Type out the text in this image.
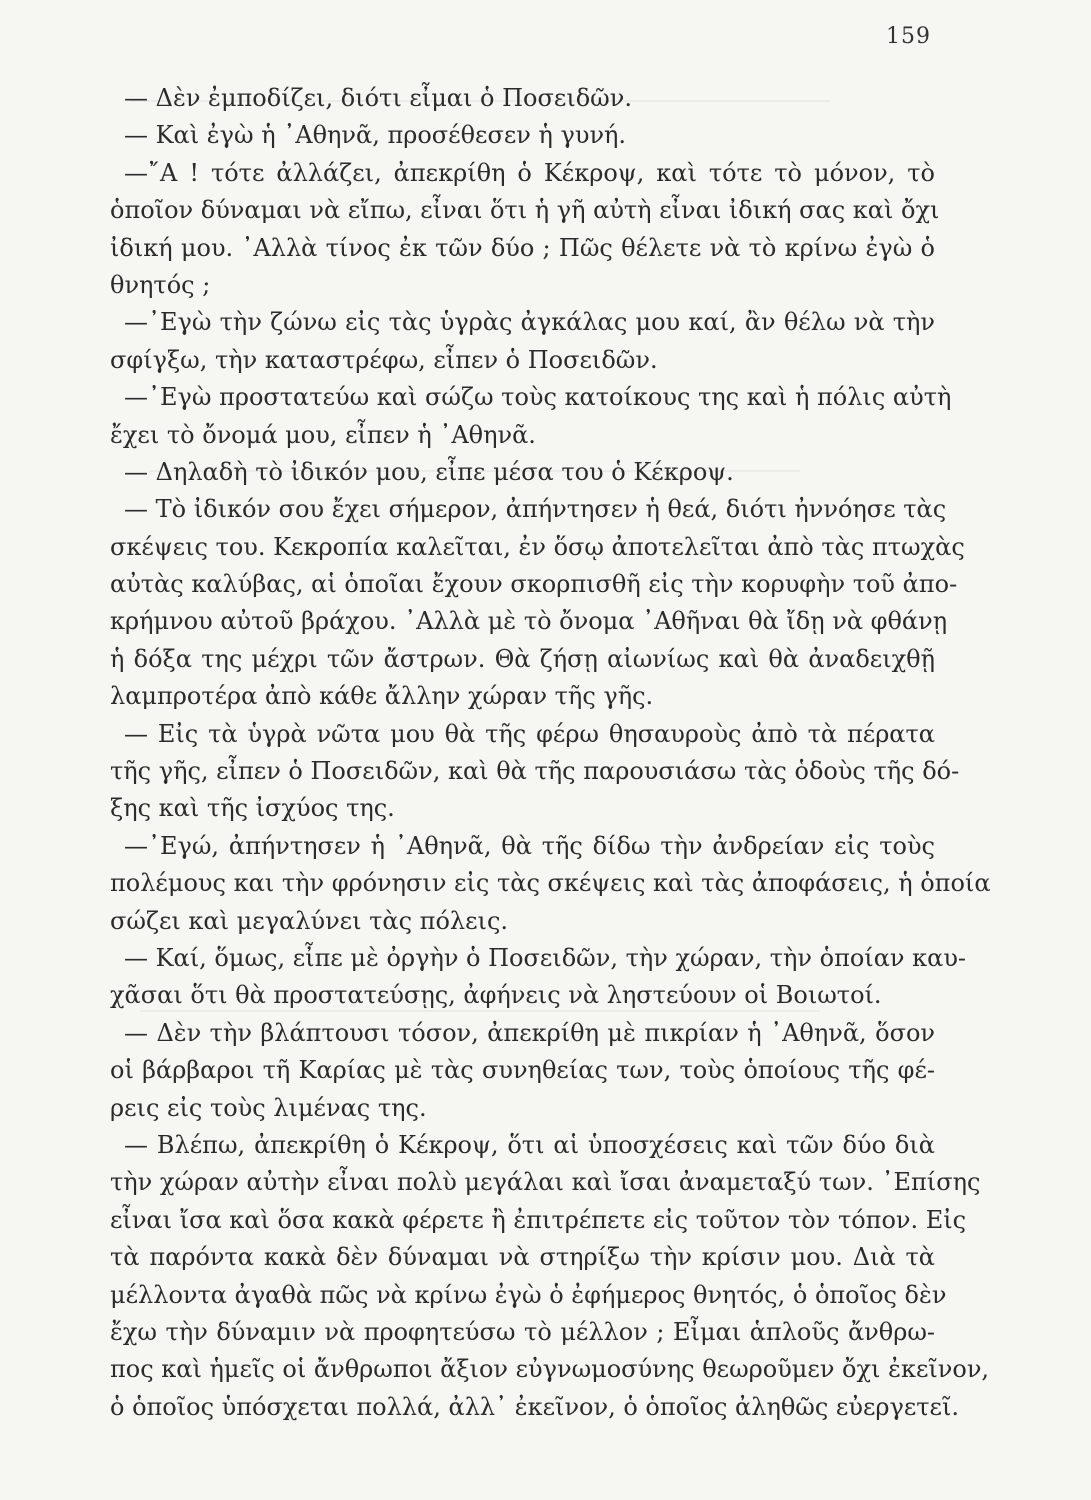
159
— Δὲν ἐμποδίζει, διότι εἶμαι ὁ Ποσειδῶν.
— Καὶ ἐγὼ ἡ ᾿Αθηνᾶ, προσέθεσεν ἡ γυνή.
—῎Α ! τότε ἀλλάζει, ἀπεκρίθη ὁ Κέκροψ, καὶ τότε τὸ μόνον, τὸ
ὁποῖον δύναμαι νὰ εἴπω, εἶναι ὅτι ἡ γῆ αὐτὴ εἶναι ἰδική σας καὶ ὄχι
ἰδική μου. ᾿Αλλὰ τίνος ἐκ τῶν δύο ; Πῶς θέλετε νὰ τὸ κρίνω ἐγὼ ὁ
θνητός ;
—᾿Εγὼ τὴν ζώνω εἰς τὰς ὑγρὰς ἀγκάλας μου καί, ἂν θέλω νὰ τὴν
σφίγξω, τὴν καταστρέφω, εἶπεν ὁ Ποσειδῶν.
—᾿Εγὼ προστατεύω καὶ σώζω τοὺς κατοίκους της καὶ ἡ πόλις αὐτὴ
ἔχει τὸ ὄνομά μου, εἶπεν ἡ ᾿Αθηνᾶ.
— Δηλαδὴ τὸ ἰδικόν μου, εἶπε μέσα του ὁ Κέκροψ.
— Τὸ ἰδικόν σου ἔχει σήμερον, ἀπήντησεν ἡ θεά, διότι ἠννόησε τὰς
σκέψεις του. Κεκροπία καλεῖται, ἐν ὅσῳ ἀποτελεῖται ἀπὸ τὰς πτωχὰς
αὐτὰς καλύβας, αἱ ὁποῖαι ἔχουν σκορπισθῆ εἰς τὴν κορυφὴν τοῦ ἀπο-
κρήμνου αὐτοῦ βράχου. ᾿Αλλὰ μὲ τὸ ὄνομα ᾿Αθῆναι θὰ ἴδῃ νὰ φθάνῃ
ἡ δόξα της μέχρι τῶν ἄστρων. Θὰ ζήσῃ αἰωνίως καὶ θὰ ἀναδειχθῇ
λαμπροτέρα ἀπὸ κάθε ἄλλην χώραν τῆς γῆς.
— Εἰς τὰ ὑγρὰ νῶτα μου θὰ τῆς φέρω θησαυροὺς ἀπὸ τὰ πέρατα
τῆς γῆς, εἶπεν ὁ Ποσειδῶν, καὶ θὰ τῆς παρουσιάσω τὰς ὁδοὺς τῆς δό-
ξης καὶ τῆς ἰσχύος της.
—᾿Εγώ, ἀπήντησεν ἡ ᾿Αθηνᾶ, θὰ τῆς δίδω τὴν ἀνδρείαν εἰς τοὺς
πολέμους και τὴν φρόνησιν εἰς τὰς σκέψεις καὶ τὰς ἀποφάσεις, ἡ ὁποία
σώζει καὶ μεγαλύνει τὰς πόλεις.
— Καί, ὅμως, εἶπε μὲ ὀργὴν ὁ Ποσειδῶν, τὴν χώραν, τὴν ὁποίαν καυ-
χᾶσαι ὅτι θὰ προστατεύσῃς, ἀφήνεις νὰ ληστεύουν οἱ Βοιωτοί.
— Δὲν τὴν βλάπτουσι τόσον, ἀπεκρίθη μὲ πικρίαν ἡ ᾿Αθηνᾶ, ὅσον
οἱ βάρβαροι τῆ Καρίας μὲ τὰς συνηθείας των, τοὺς ὁποίους τῆς φέ-
ρεις εἰς τοὺς λιμένας της.
— Βλέπω, ἀπεκρίθη ὁ Κέκροψ, ὅτι αἱ ὑποσχέσεις καὶ τῶν δύο διὰ
τὴν χώραν αὐτὴν εἶναι πολὺ μεγάλαι καὶ ἴσαι ἀναμεταξύ των. ᾿Επίσης
εἶναι ἴσα καὶ ὅσα κακὰ φέρετε ἢ ἐπιτρέπετε εἰς τοῦτον τὸν τόπον. Εἰς
τὰ παρόντα κακὰ δὲν δύναμαι νὰ στηρίξω τὴν κρίσιν μου. Διὰ τὰ
μέλλοντα ἀγαθὰ πῶς νὰ κρίνω ἐγὼ ὁ ἐφήμερος θνητός, ὁ ὁποῖος δὲν
ἔχω τὴν δύναμιν νὰ προφητεύσω τὸ μέλλον ; Εἶμαι ἁπλοῦς ἄνθρω-
πος καὶ ἡμεῖς οἱ ἄνθρωποι ἄξιον εὐγνωμοσύνης θεωροῦμεν ὄχι ἐκεῖνον,
ὁ ὁποῖος ὑπόσχεται πολλά, ἀλλ᾿ ἐκεῖνον, ὁ ὁποῖος ἀληθῶς εὐεργετεῖ.
